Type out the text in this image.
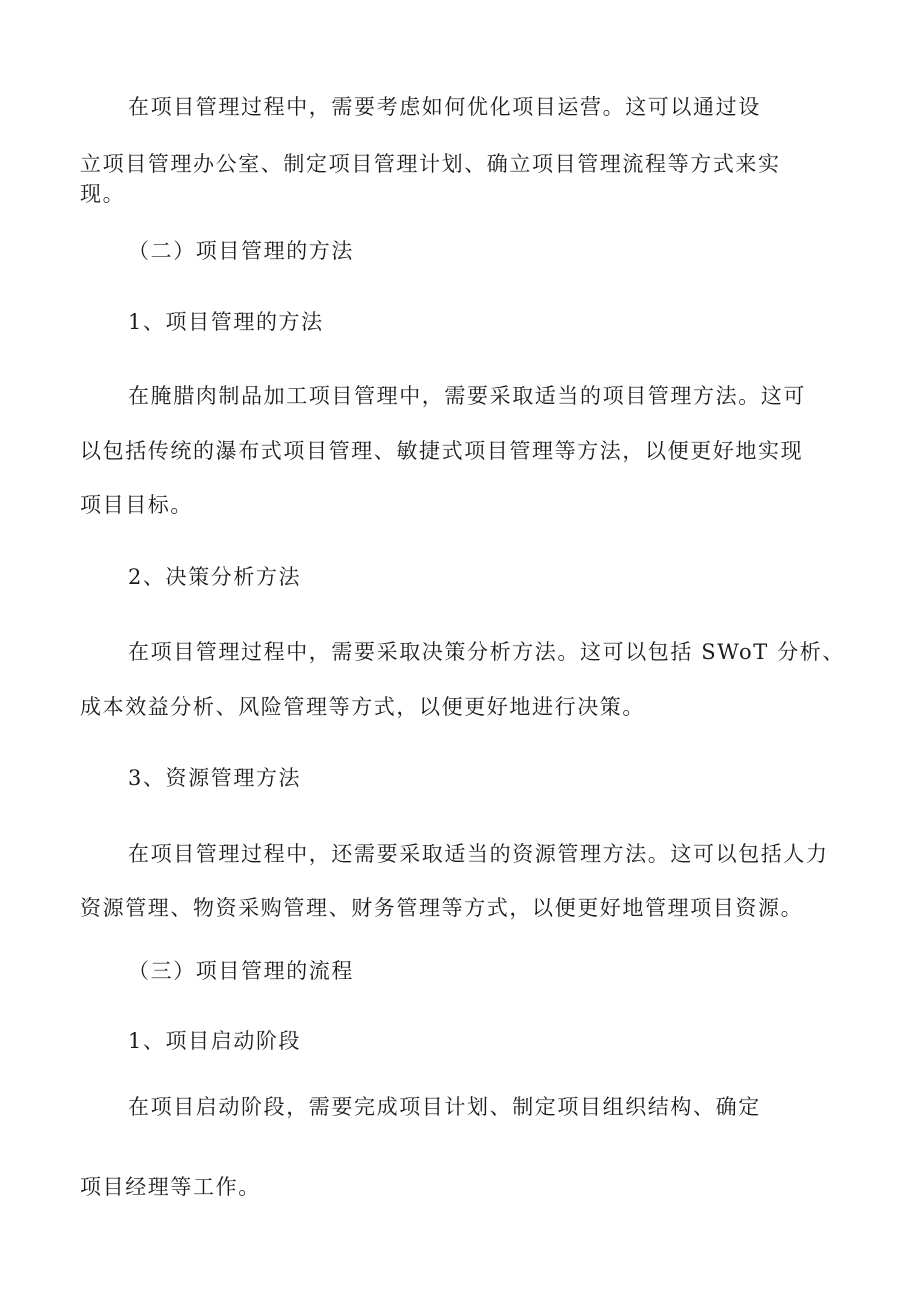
在项目管理过程中，需要考虑如何优化项目运营。这可以通过设
立项目管理办公室、制定项目管理计划、确立项目管理流程等方式来实
现。
（二）项目管理的方法
1、项目管理的方法
在腌腊肉制品加工项目管理中，需要采取适当的项目管理方法。这可
以包括传统的瀑布式项目管理、敏捷式项目管理等方法，以便更好地实现
项目目标。
2、决策分析方法
在项目管理过程中，需要采取决策分析方法。这可以包括 SWoT 分析、
成本效益分析、风险管理等方式，以便更好地进行决策。
3、资源管理方法
在项目管理过程中，还需要采取适当的资源管理方法。这可以包括人力
资源管理、物资采购管理、财务管理等方式，以便更好地管理项目资源。
（三）项目管理的流程
1、项目启动阶段
在项目启动阶段，需要完成项目计划、制定项目组织结构、确定
项目经理等工作。
